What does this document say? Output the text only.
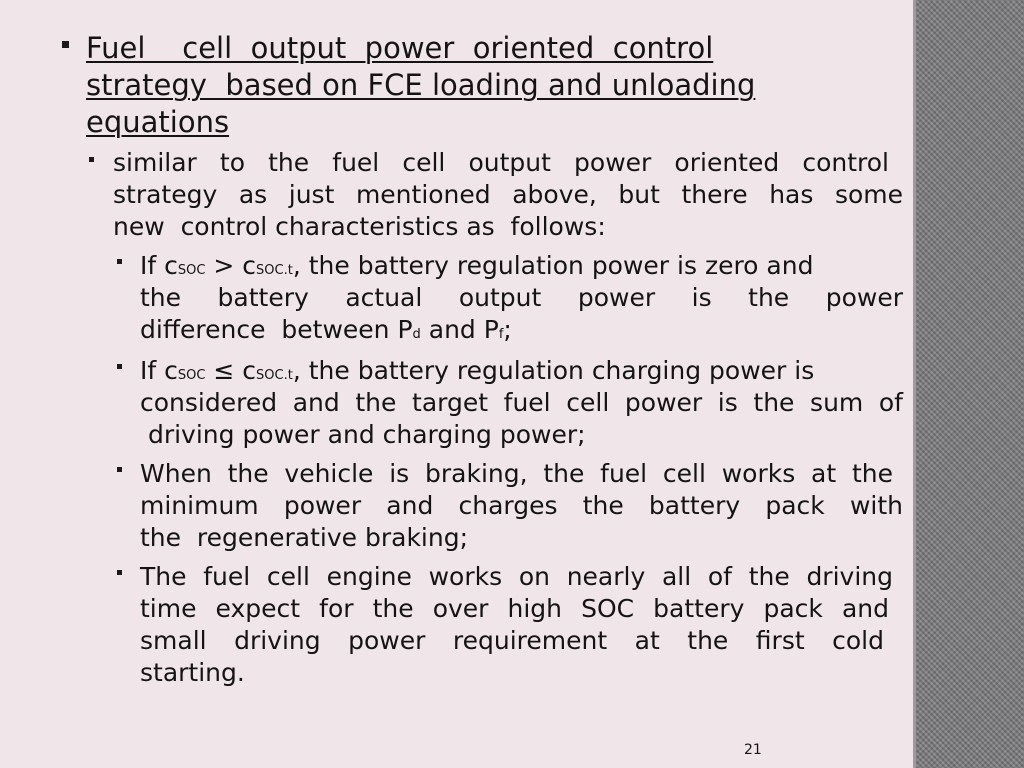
Fuel    cell  output  power  oriented  control

strategy  based on FCE loading and unloading

equations

similar to the fuel cell output power oriented control

strategy as just mentioned above, but there has some

new  control characteristics as  follows:

If cSOC > cSOC.t, the battery regulation power is zero and

the battery actual output power is the power

difference  between Pd and Pf;

If cSOC ≤ cSOC.t, the battery regulation charging power is

considered and the target fuel cell power is the sum of

driving power and charging power;

When the vehicle is braking, the fuel cell works at the

minimum power and charges the battery pack with

the  regenerative braking;

The fuel cell engine works on nearly all of the driving

time expect for the over high SOC battery pack and

small driving power requirement at the first cold

starting.

21
